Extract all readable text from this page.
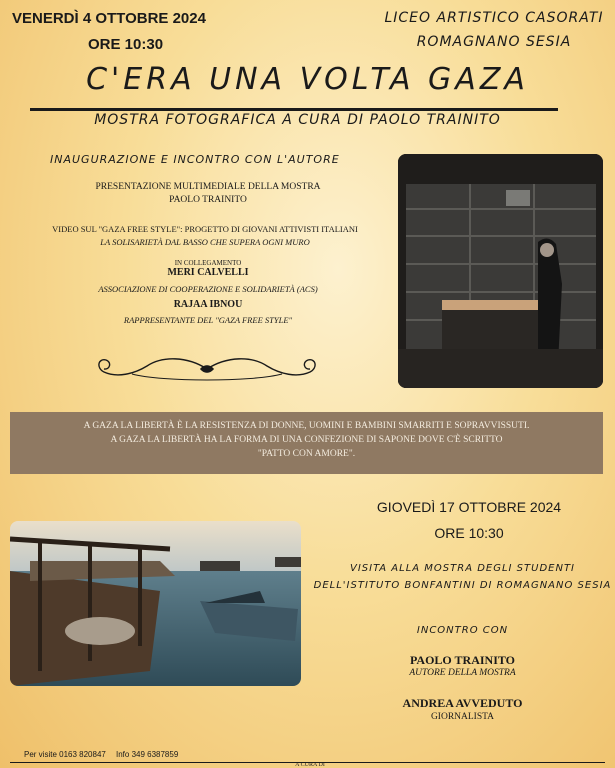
VENERDÌ 4 OTTOBRE 2024
ORE 10:30
LICEO ARTISTICO CASORATI
ROMAGNANO SESIA
C'ERA UNA VOLTA GAZA
MOSTRA FOTOGRAFICA A CURA DI PAOLO TRAINITO
INAUGURAZIONE E INCONTRO CON L'AUTORE
PRESENTAZIONE MULTIMEDIALE DELLA MOSTRA
PAOLO TRAINITO
VIDEO SUL "GAZA FREE STYLE": PROGETTO DI GIOVANI ATTIVISTI ITALIANI
LA SOLISARIETÀ DAL BASSO CHE SUPERA OGNI MURO
IN COLLEGAMENTO
MERI CALVELLI
ASSOCIAZIONE DI COOPERAZIONE E SOLIDARIETÀ (ACS)
RAJAA IBNOU
RAPPRESENTANTE DEL "GAZA FREE STYLE"
A GAZA LA LIBERTÀ È LA RESISTENZA DI DONNE, UOMINI E BAMBINI SMARRITI E SOPRAVVISSUTI.
A GAZA LA LIBERTÀ HA LA FORMA DI UNA CONFEZIONE DI SAPONE DOVE C'È SCRITTO
"PATTO CON AMORE".
GIOVEDÌ 17 OTTOBRE 2024
ORE 10:30
VISITA ALLA MOSTRA DEGLI STUDENTI
DELL'ISTITUTO BONFANTINI DI ROMAGNANO SESIA
INCONTRO CON
PAOLO TRAINITO
AUTORE DELLA MOSTRA
ANDREA AVVEDUTO
GIORNALISTA
Per visite 0163 820847 Info 349 6387859
A CURA DI
